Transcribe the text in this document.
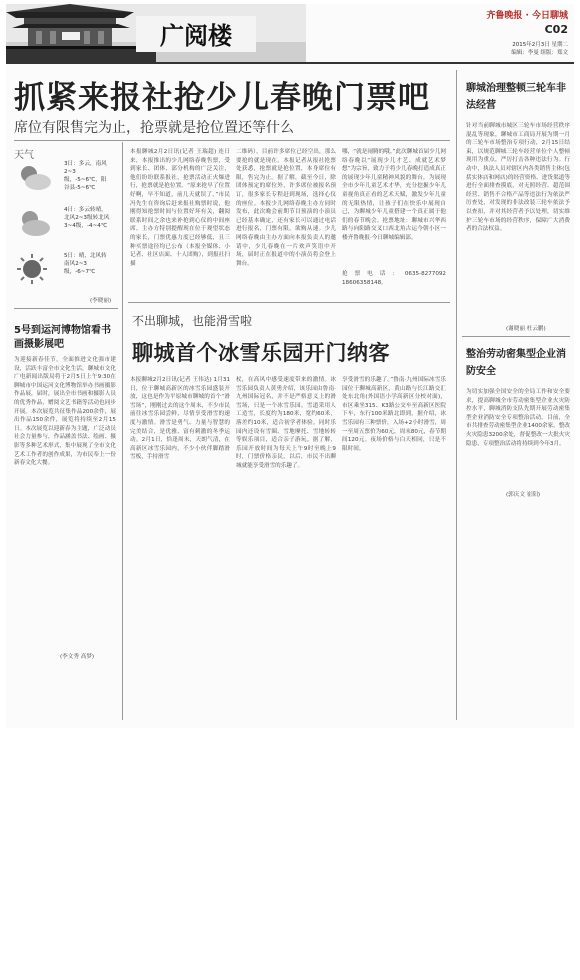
广阅楼
齐鲁晚报 · 今日聊城
C02
2015年2月3日 星期二
编辑：李曼 组版：郑文
抓紧来报社抢少儿春晚门票吧
席位有限售完为止，抢票就是抢位置还等什么
本报聊城2月2日讯(记者 王瑞超) 连日来，本报推出的少儿网络春晚售票，受到家长、团体、部分机构的广泛关注，他们纷纷联系报社，抢票活动正火爆进行，抢票就是抢位置。“原来抢早了位置好啊，早不知道，前几天就误了，”市民冯先生在咨询后赶来报社购票时说，他刚得知抢票时间与位置好坏有关，翻阅联系时间之余也来补抢到心仪的中间座席。主办方特别提醒现在位于观望状态的家长，门票优惠力度已经够低，且三种买票途径均已公布（本报全媒体、小记者、社区店面、十人团购），到报社扫描
二维码），目前许多席位已经空出，那么要抢的就是现在。本报记者从报社抢票处获悉，抢票就是抢位置，本身席位有限，售完为止。据了解，截至今日，除团体预定的席位外，许多席位被报名预订，很多家长专程赶到现场，选择心仪的座位。本报少儿网络春晚主办方同时发布，此次晚会前期节目预演的小演员已经基本确定，还有家长可以通过电话进行报名，门票有限，欲购从速。少儿网络春晚由主办方面向本报负责人的邀请中，少儿春晚在一片欢声笑语中开场，届时正在报道中的小演员将会登上舞台。
哪，“就是闹腾的哦。”此次聊城首届少儿网络春晚以“展现少儿才艺、成就艺术梦想”为宗旨，致力于将少儿春晚打造成真正的展现少年儿童精神风貌的舞台，为展现全市少年儿童艺术才华，充分挖掘少年儿童视角真正看的艺术天赋，激发少年儿童的无限热情，让孩子们在快乐中展现自己，为聊城少年儿童搭建一个真正属于他们的春节晚会。抢票地址：聊城市兴华西路与向阳路交叉口西北角古运今朝小区一楼齐鲁晚报·今日聊城编辑部。
抢票电话：0635-8277092 18606358148。
天气
3日：多云，南风2~3级，-5~6℃，阳谷县-5~6℃
4日：多云转晴，北风2~3级转北风3~4级，-4~4℃
5日：晴，北风转南风2~3级，-6~7℃
(李晓丽)
5号到运河博物馆看书画摄影展吧
为迎接新春佳节，全面推进文化强市建设，活跃丰富全市文化生活，聊城市文化广电新闻出版局将于2月5日上午9:30在聊城市中国运河文化博物馆举办书画摄影作品展，届时，展出全市书画和摄影人员的优秀作品，赠阅文艺书籍等活动也同步开展。本次展览共征集作品200余件，展出作品150余件，展览将持续至2月15日。本次展览以迎新春为主题，广泛动员社会力量参与，作品涵盖书法、绘画、摄影等多种艺术形式，集中展现了全市文化艺术工作者的创作成果，为市民奉上一份新春文化大餐。
(李文秀 高梦)
不出聊城，也能滑雪啦
聊城首个冰雪乐园开门纳客
本报聊城2月2日讯(记者 王伟达) 1月31日，位于聊城高新区的冰雪乐园盛装开放，这也是作为平原城市聊城的首个“滑雪场”，刚刚过去的这个周末，不少市民前往冰雪乐园尝鲜，尽情享受滑雪的速度与激情。滑雪是勇气、力量与智慧的完美结合，是优雅、富有刺激的冬季运动。2月1日，恰逢周末，天朗气清，在高新区冰雪乐园内，不少小伙伴脚踏滑雪板，手持滑雪
杖，在高风中感受速度带来的激情。冰雪乐园负责人黄勇介绍，该乐园由鲁南·九州国际冠名，并不是严格意义上的滑雪场，只是一个冰雪乐园。雪道采用人工造雪，长度约为180米，宽约60米，落差约10米，适合初学者体验。同时乐园内还设有雪圈、雪地摩托、雪地转转等娱乐项目，适合亲子游玩。据了解，乐园开放时间为每天上午9时至晚上9时，门票价格亲民，以后，市民不出聊城就能享受滑雪的乐趣了。
享受滑雪的乐趣了。”鲁南·九州国际冰雪乐园位于聊城高新区，黄山路与长江路交汇处东北角(外国语小学高新区分校对面)，市区乘坐315、K3路公交车至高新区医院下车，东行100米路北即到。据介绍，冰雪乐园有三种票价，入场+2小时滑雪，周一至周五票价为60元，周末80元，春节期间120元。夜场价格与白天相同，只是不限时间。
聊城治理整顿三轮车非法经营
针对当前聊城市城区三轮车市场经营秩序混乱等现象，聊城市工商局开展为期一月的三轮车市场整治专项行动，2月15日结束，以规范聊城三轮车经营单位个人整顿现用为重点，严厉打击各种违法行为。行动中，执法人员对辖区内各类销售主体(包括实体店和网店)的经营资格、进货渠道等进行全面排查摸底，对无照经营、超范围经营、销售不合格产品等违法行为依法严厉查处，对发现的非法改装三轮车依法予以查扣，并对其经营者予以处理，切实维护三轮车市场的经营秩序，保障广大消费者的合法权益。
(谢晓丽 杜云鹏)
整治劳动密集型企业消防安全
为切实加强全国安全的全局工作和安全要求，提高聊城全市劳动密集型企业火灾防控水平，聊城消防支队先期开展劳动密集型企业消防安全专项整治活动。目前，全市共排查劳动密集型企业1400余家，整改火灾隐患3200余处，督促整改一大批火灾隐患，专项整治活动将持续到今年3月。
(郭庆文 崔阳)
